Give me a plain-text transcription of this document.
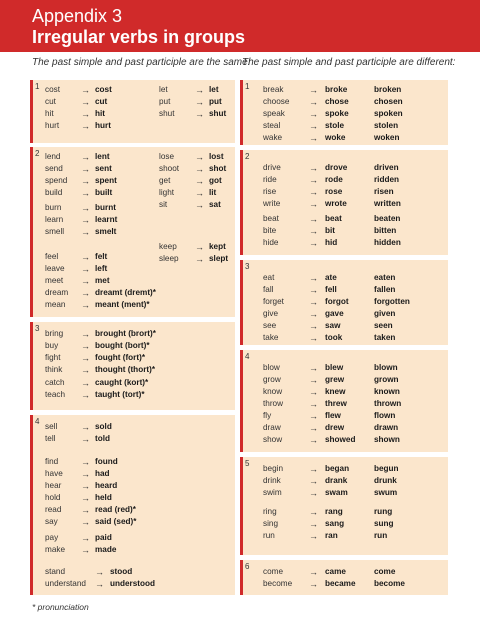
Appendix 3
Irregular verbs in groups
The past simple and past participle are the same:
The past simple and past participle are different:
1 cost	cost
→
cut	cut
→
hit	hit
→
hurt	hurt
→
let	let
→
put	put
→
shut	shut
→
2 lend	lent
→
send	sent
→
spend	spent
→
build	built
→
lose	lost
→
shoot	shot
→
get	got
→
light	lit
→
sit	sat
→
burn	burnt
→
learn	learnt
→
smell	smelt
→
keep	kept
→
sleep	slept
→
feel	felt
→
leave	left
→
meet	met
→
dream	dreamt (dremt)*
→
mean	meant (ment)*
→
3
bring	brought (brort)*
→
buy	bought (bort)*
→
fight	fought (fort)*
→
think	thought (thort)*
→
catch	caught (kort)*
→
teach	taught (tort)*
→
4
sell	sold
→
tell	told
→
find	found
→
have	had
→
hear	heard
→
hold	held
→
read	read (red)*
→
say	said (sed)*
→
pay	paid
→
make	made
→
stand	stood
→
understand	understood
→
1 break	broke	broken
→
choose	chose	chosen
→
speak	spoke	spoken
→
steal	stole	stolen
→
wake	woke	woken
→
2
drive	drove	driven
→
ride	rode	ridden
→
rise	rose	risen
→
write	wrote	written
→
beat	beat	beaten
→
bite	bit	bitten
→
hide	hid	hidden
→
3
eat	ate	eaten
→
fall	fell	fallen
→
forget	forgot	forgotten
→
give	gave	given
→
see	saw	seen
→
take	took	taken
→
4
blow	blew	blown
→
grow	grew	grown
→
know	knew	known
→
throw	threw	thrown
→
fly	flew	flown
→
draw	drew	drawn
→
show	showed shown
→
5
begin	began	begun
→
drink	drank	drunk
→
swim	swam	swum
→
ring	rang	rung
→
sing	sang	sung
→
run	ran	run
→
6
come	came	come
→
become	became become
→
* pronunciation
